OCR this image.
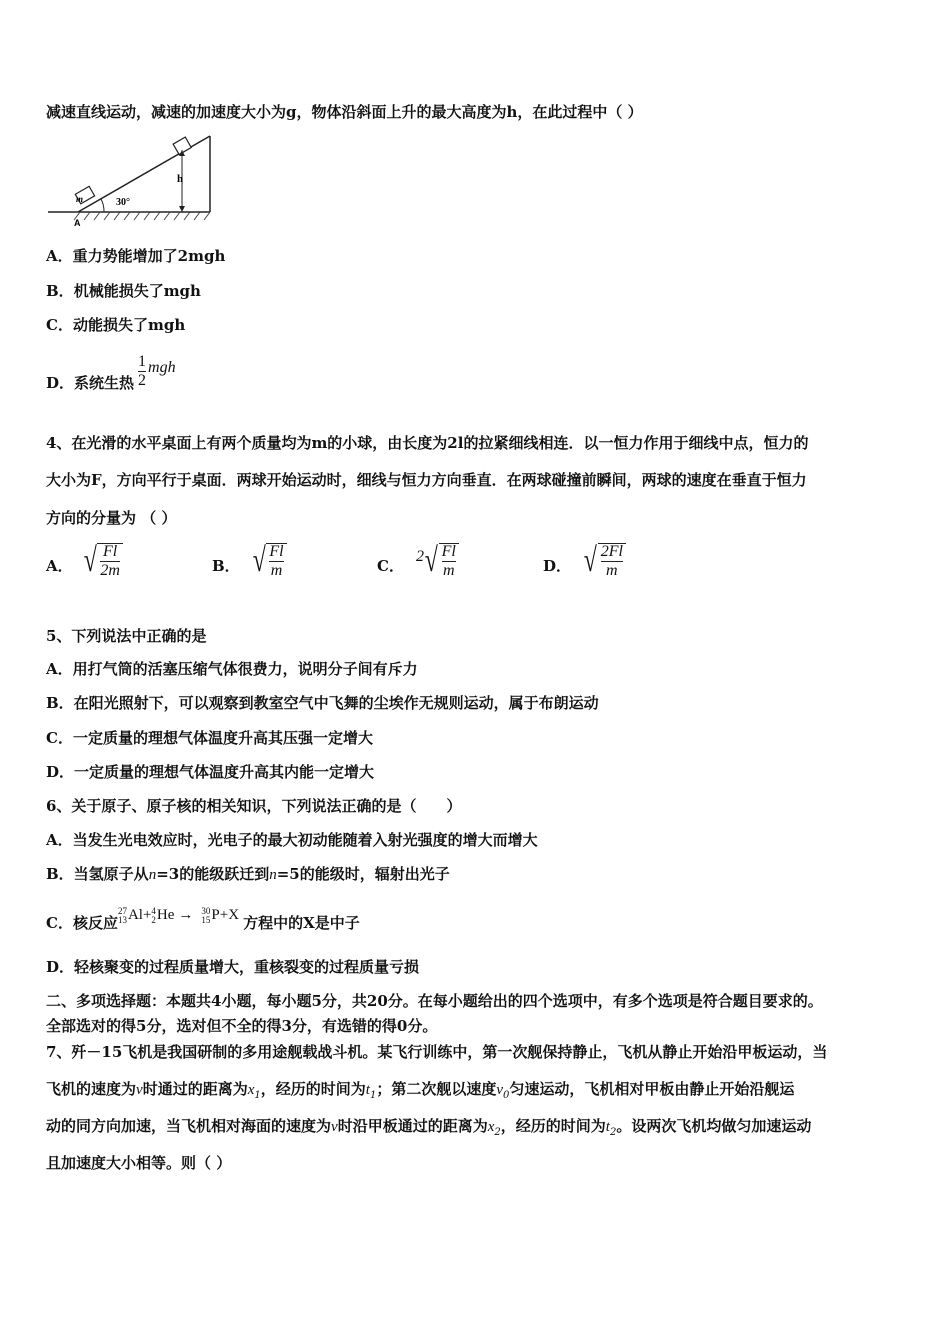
减速直线运动，减速的加速度大小为g，物体沿斜面上升的最大高度为h，在此过程中（ ）
m
h
30°
A
A．重力势能增加了2mgh
B．机械能损失了mgh
C．动能损失了mgh
D． 系统生热 $\frac{1}{2}$ mgh
4、在光滑的水平桌面上有两个质量均为m的小球，由长度为2l的拉紧细线相连．以一恒力作用于细线中点，恒力的
大小为F，方向平行于桌面．两球开始运动时，细线与恒力方向垂直．在两球碰撞前瞬间，两球的速度在垂直于恒力
方向的分量为 （ ）
A． √ $\frac{Fl}{2m}$	B． √ $\frac{Fl}{m}$	C． 2 √ $\frac{Fl}{m}$	D． √ $\frac{2Fl}{m}$
5、下列说法中正确的是
A．用打气筒的活塞压缩气体很费力，说明分子间有斥力
B．在阳光照射下，可以观察到教室空气中飞舞的尘埃作无规则运动，属于布朗运动
C．一定质量的理想气体温度升高其压强一定增大
D．一定质量的理想气体温度升高其内能一定增大
6、关于原子、原子核的相关知识，下列说法正确的是（　　）
A．当发生光电效应时，光电子的最大初动能随着入射光强度的增大而增大
B．当氢原子从n=3的能级跃迁到n=5的能级时，辐射出光子
C．核反应
27
13 Al + 4
2 He → 30
15 P +X 方程中的X是中子
D．轻核聚变的过程质量增大，重核裂变的过程质量亏损
二、多项选择题：本题共4小题，每小题5分，共20分。在每小题给出的四个选项中，有多个选项是符合题目要求的。
全部选对的得5分，选对但不全的得3分，有选错的得0分。
7、歼－15飞机是我国研制的多用途舰载战斗机。某飞行训练中，第一次舰保持静止，飞机从静止开始沿甲板运动，当
飞机的速度为v时通过的距离为$x_1$，经历的时间为$t_1$；第二次舰以速度$v_0$匀速运动，飞机相对甲板由静止开始沿舰运
动的同方向加速，当飞机相对海面的速度为v时沿甲板通过的距离为$x_2$，经历的时间为$t_2$。设两次飞机均做匀加速运动
且加速度大小相等。则（ ）
